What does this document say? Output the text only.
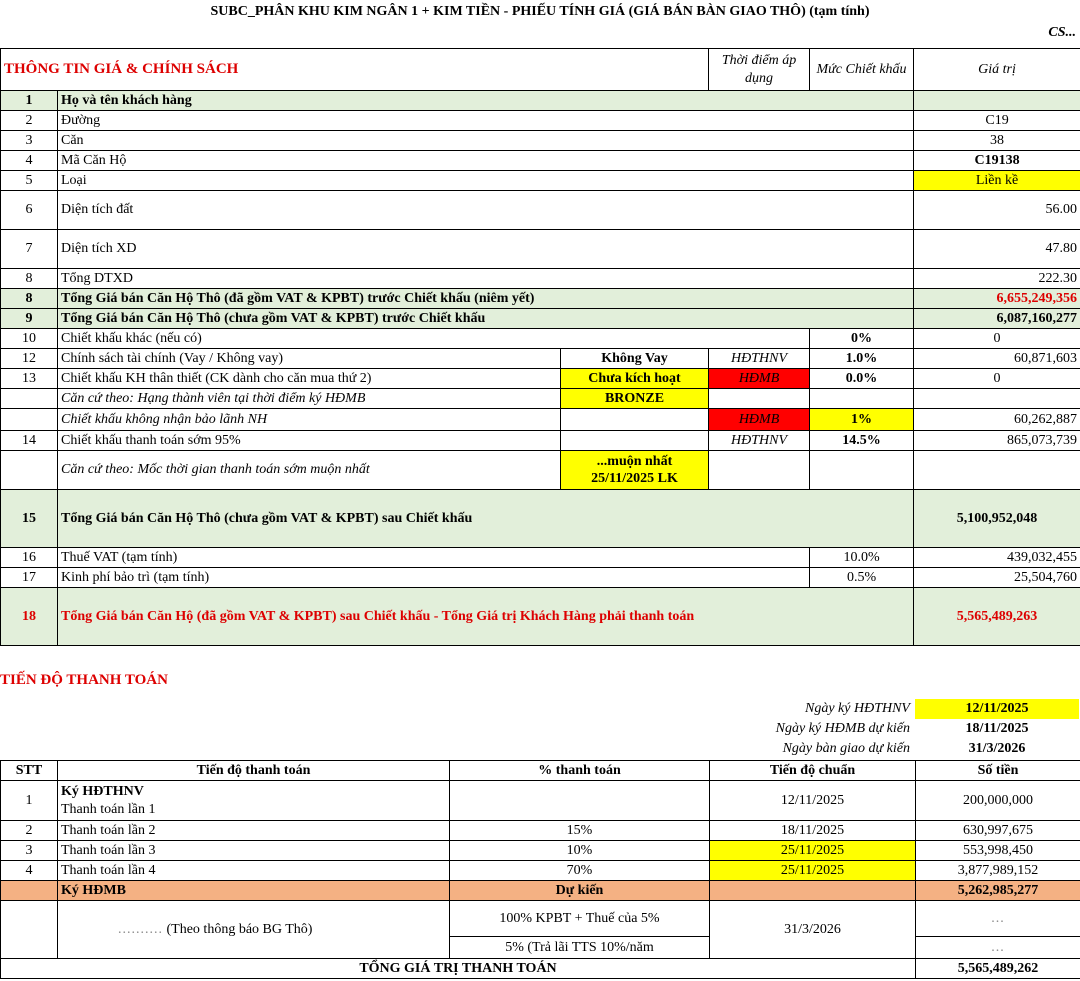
SUBC_PHÂN KHU KIM NGÂN 1 + KIM TIỀN - PHIẾU TÍNH GIÁ (GIÁ BÁN BÀN GIAO THÔ) (tạm tính)
CS...
THÔNG TIN GIÁ & CHÍNH SÁCH			Thời điểm áp dụng	Mức Chiết khấu	Giá trị
1	Họ và tên khách hàng				
2	Đường				C19
3	Căn				38
4	Mã Căn Hộ				C19138
5	Loại				Liền kề
6	Diện tích đất				56.00
7	Diện tích XD				47.80
8	Tổng DTXD				222.30
8	Tổng Giá bán Căn Hộ Thô (đã gồm VAT & KPBT) trước Chiết khấu (niêm yết)				6,655,249,356
9	Tổng Giá bán Căn Hộ Thô (chưa gồm VAT & KPBT) trước Chiết khấu				6,087,160,277
10	Chiết khấu khác (nếu có)			0%	0
12	Chính sách tài chính (Vay / Không vay)	Không Vay	HĐTHNV	1.0%	60,871,603
13	Chiết khấu KH thân thiết (CK dành cho căn mua thứ 2)	Chưa kích hoạt	HĐMB	0.0%	0
	Căn cứ theo: Hạng thành viên tại thời điểm ký HĐMB	BRONZE			
	Chiết khấu không nhận bảo lãnh NH		HĐMB	1%	60,262,887
14	Chiết khấu thanh toán sớm 95%		HĐTHNV	14.5%	865,073,739
	Căn cứ theo: Mốc thời gian thanh toán sớm muộn nhất	...muộn nhất
25/11/2025 LK			

15	Tổng Giá bán Căn Hộ Thô (chưa gồm VAT & KPBT) sau Chiết khấu				5,100,952,048
16	Thuế VAT (tạm tính)			10.0%	439,032,455
17	Kinh phí bảo trì (tạm tính)			0.5%	25,504,760
18	Tổng Giá bán Căn Hộ (đã gồm VAT & KPBT) sau Chiết khấu - Tổng Giá trị Khách Hàng phải thanh toán				5,565,489,263
TIẾN ĐỘ THANH TOÁN
Ngày ký HĐTHNV	12/11/2025
Ngày ký HĐMB dự kiến	18/11/2025
Ngày bàn giao dự kiến	31/3/2026
STT	Tiến độ thanh toán	% thanh toán	Tiến độ chuẩn	Số tiền
1	Ký HĐTHNV
Thanh toán lần 1		12/11/2025	200,000,000
2	Thanh toán lần 2	15%	18/11/2025	630,997,675
3	Thanh toán lần 3	10%	25/11/2025	553,998,450
4	Thanh toán lần 4	70%	25/11/2025	3,877,989,152
	Ký HĐMB	Dự kiến		5,262,985,277
	.......... (Theo thông báo BG Thô)	100% KPBT + Thuế của 5%	31/3/2026	...
		5% (Trả lãi TTS 10%/năm		...
TỔNG GIÁ TRỊ THANH TOÁN				5,565,489,262
